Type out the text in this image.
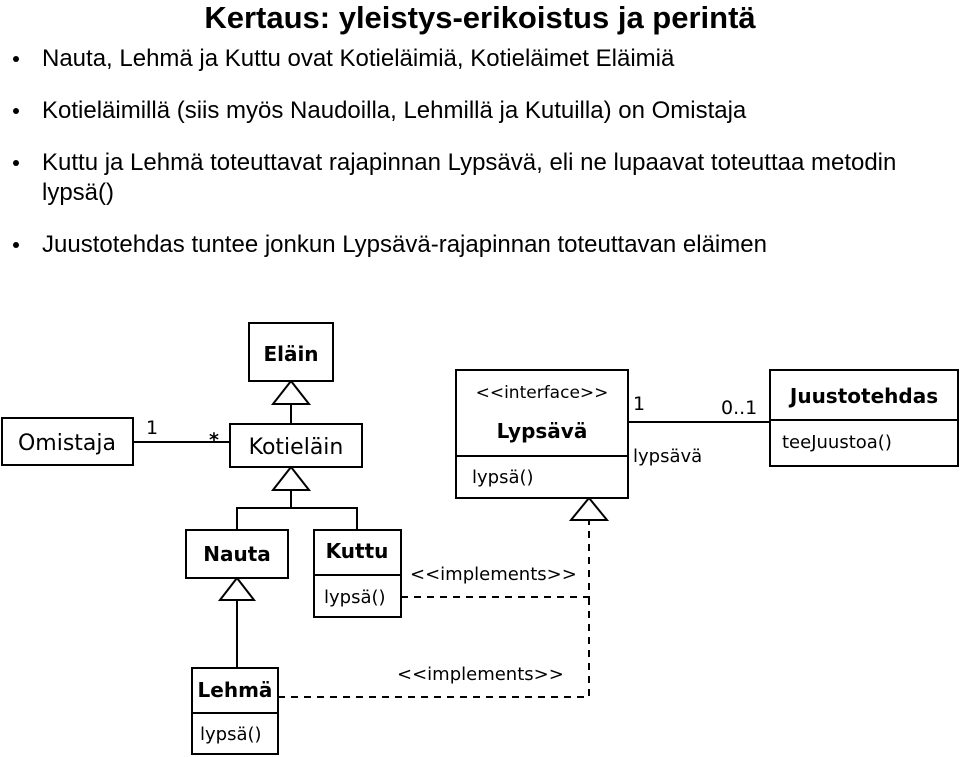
Kertaus: yleistys-erikoistus ja perintä
Nauta, Lehmä ja Kuttu ovat Kotieläimiä, Kotieläimet Eläimiä
Kotieläimillä (siis myös Naudoilla, Lehmillä ja Kutuilla) on Omistaja
Kuttu ja Lehmä toteuttavat rajapinnan Lypsävä, eli ne lupaavat toteuttaa metodin lypsä()
Juustotehdas tuntee jonkun Lypsävä-rajapinnan toteuttavan eläimen
Eläin
Omistaja	Kotieläin
<<interface>>
Lypsävä
lypsä()
Juustotehdas
teeJuustoa()
Nauta	Kuttu
lypsä()
Lehmä
lypsä()
1
*
1	0..1
lypsävä
<<implements>>
<<implements>>
